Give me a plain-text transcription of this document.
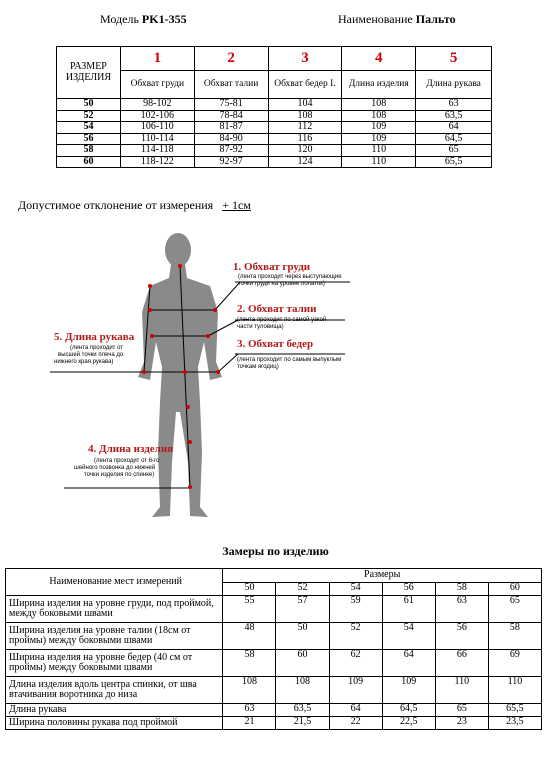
Модель PK1-355	Наименование Пальто
РАЗМЕР ИЗДЕЛИЯ	1	2	3	4	5
	Обхват груди	Обхват талии	Обхват бедер I.	Длина изделия	Длина рукава
50	98-102	75-81	104	108	63
52	102-106	78-84	108	108	63,5
54	106-110	81-87	112	109	64
56	110-114	84-90	116	109	64,5
58	114-118	87-92	120	110	65
60	118-122	92-97	124	110	65,5
Допустимое отклонение от измерения + 1см
1. Обхват груди
(лента проходит через выступающие
точки груди на уровне лопаток)
2. Обхват талии
(лента проходит по самой узкой
части туловища)
3. Обхват бедер
(лента проходит по самым выпуклым
точкам ягодиц)
4. Длина изделия
(лента проходит от 6-го
шейного позвонка до нижней
точки изделия по спинке)
5. Длина рукава
(лента проходит от
высшей точки плеча до
нижнего края рукава)
Замеры по изделию
Наименование мест измерений	Размеры					
	50	52	54	56	58	60
Ширина изделия на уровне груди, под проймой, между боковыми швами	55	57	59	61	63	65
Ширина изделия на уровне талии (18см от проймы) между боковыми швами	48	50	52	54	56	58
Ширина изделия на уровне бедер (40 см от проймы) между боковыми швами	58	60	62	64	66	69
Длина изделия вдоль центра спинки, от шва втачивания воротника до низа	108	108	109	109	110	110
Длина рукава	63	63,5	64	64,5	65	65,5
Ширина половины рукава под проймой	21	21,5	22	22,5	23	23,5
